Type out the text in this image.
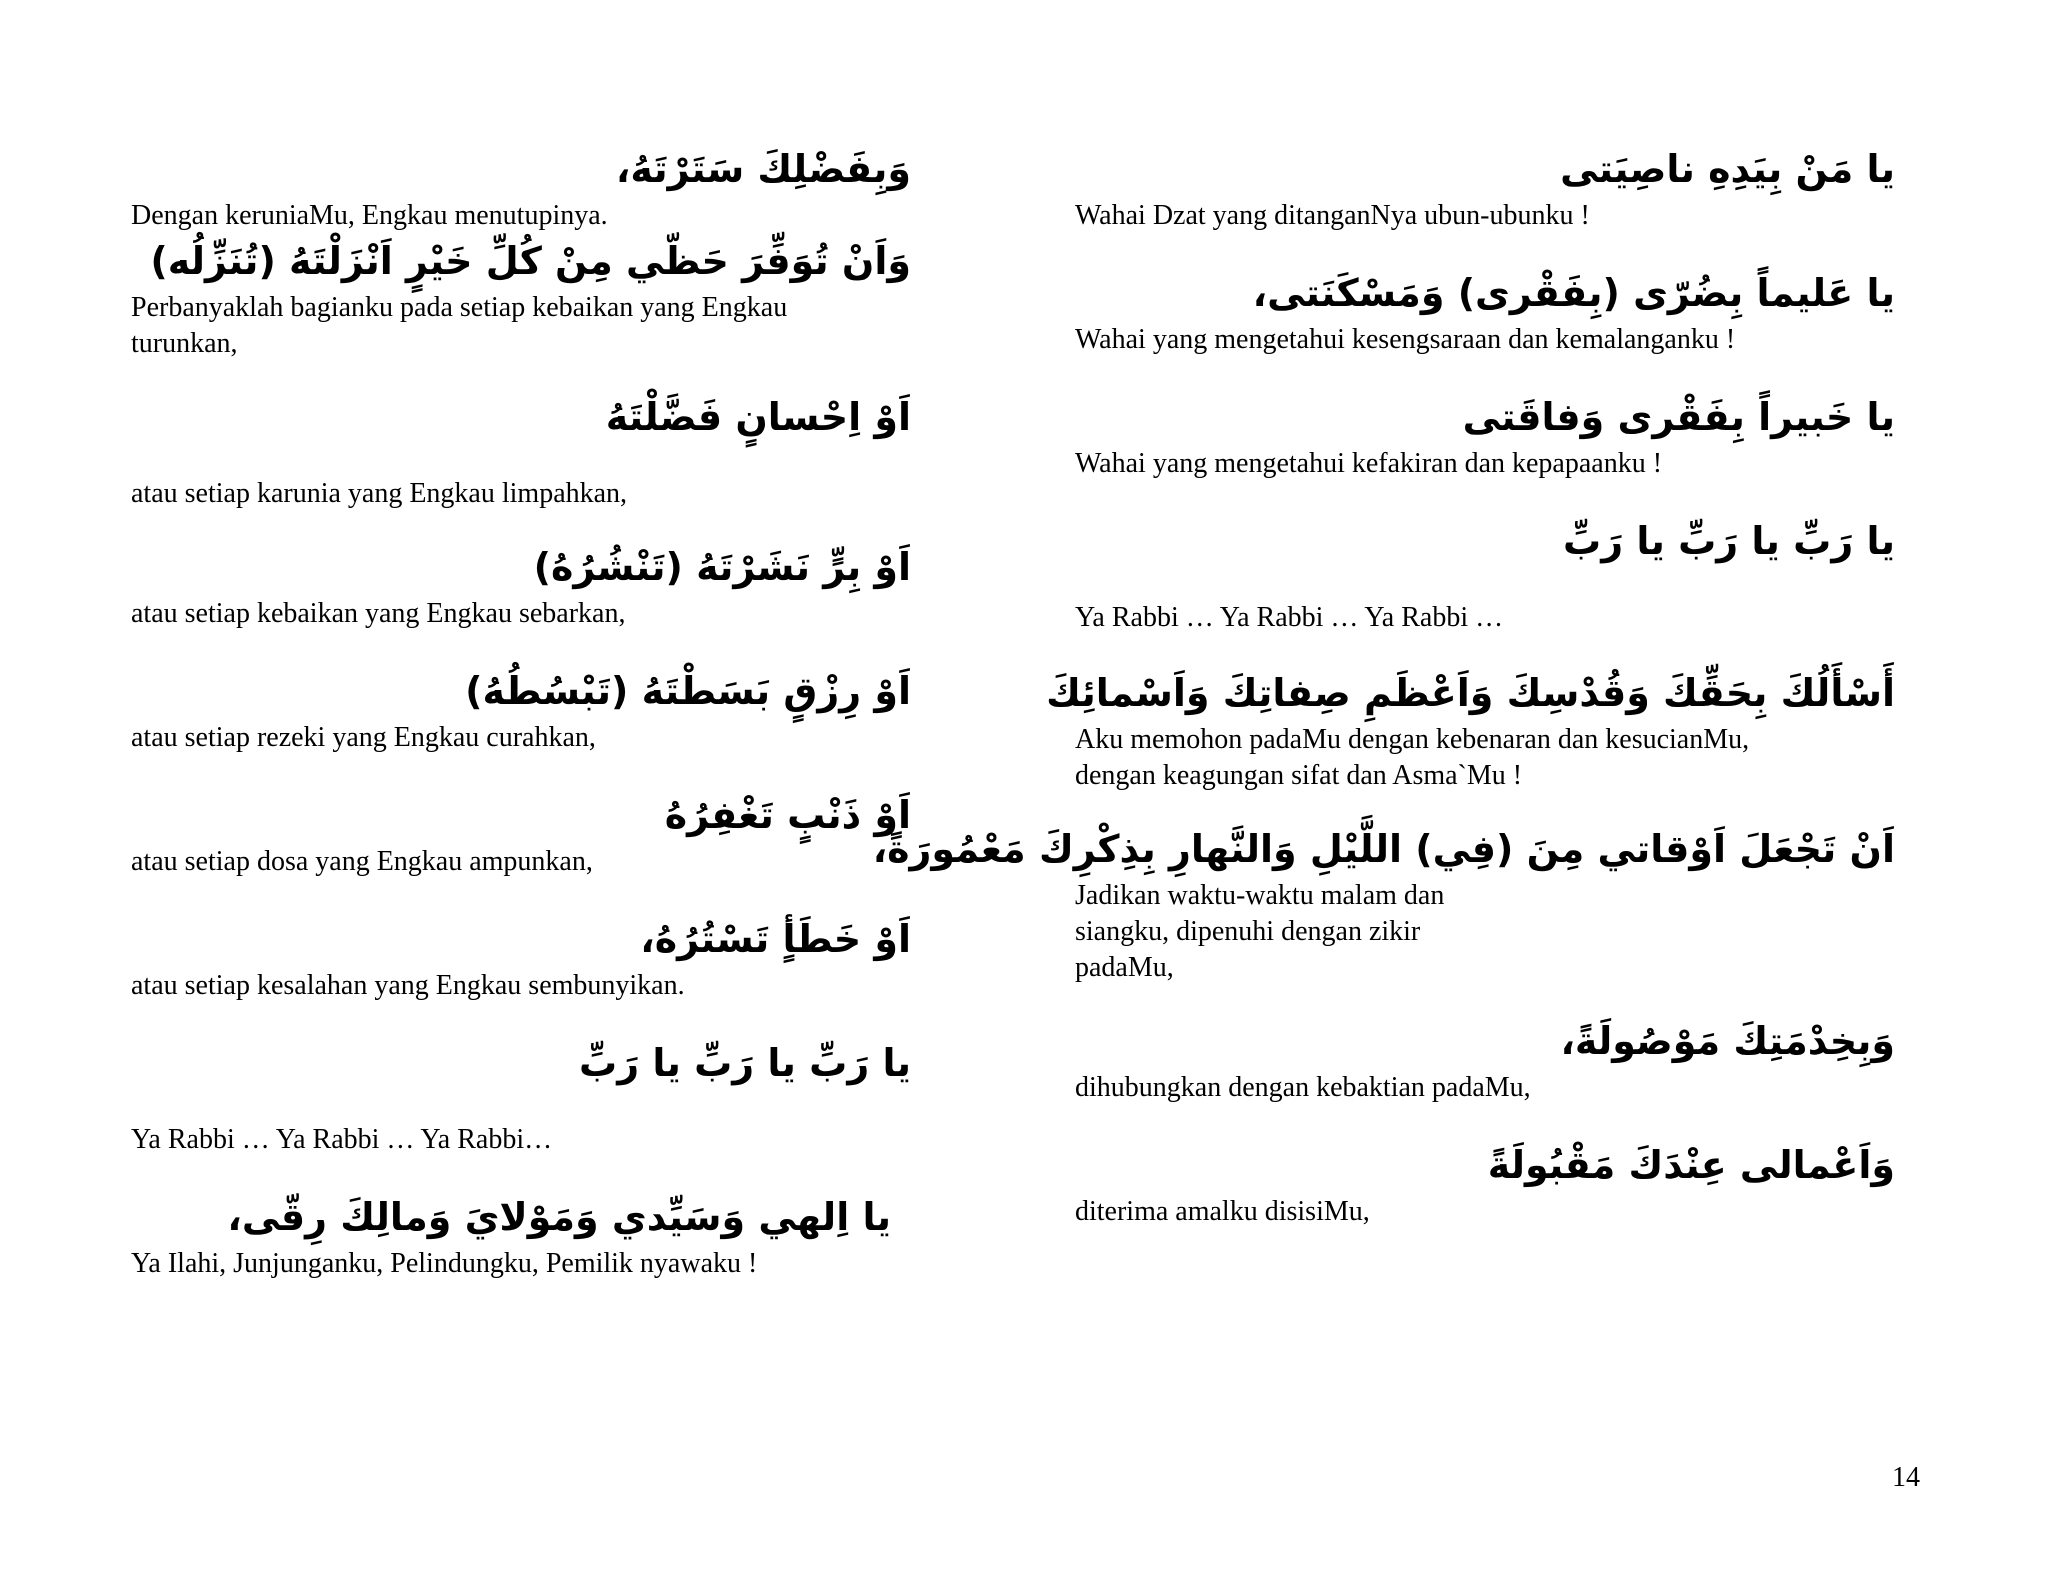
وَبِفَضْلِكَ سَتَرْتَهُ،
Dengan keruniaMu, Engkau menutupinya.
وَاَنْ تُوَفِّرَ حَظّي مِنْ كُلِّ خَيْرٍ اَنْزَلْتَهُ (تُنَزِّلُه)
Perbanyaklah bagianku pada setiap kebaikan yang Engkau turunkan,
اَوْ اِحْسانٍ فَضَّلْتَهُ
atau setiap karunia yang Engkau limpahkan,
اَوْ بِرٍّ نَشَرْتَهُ (تَنْشُرُهُ)
atau setiap kebaikan yang Engkau sebarkan,
اَوْ رِزْقٍ بَسَطْتَهُ (تَبْسُطُهُ)
atau setiap rezeki yang Engkau curahkan,
اَوْ ذَنْبٍ تَغْفِرُهُ
atau setiap dosa yang Engkau ampunkan,
اَوْ خَطَأٍ تَسْتُرُهُ،
atau setiap kesalahan yang Engkau sembunyikan.
يا رَبِّ يا رَبِّ يا رَبِّ
Ya Rabbi … Ya Rabbi … Ya Rabbi…
يا اِلهي وَسَيِّدي وَمَوْلايَ وَمالِكَ رِقّى،
Ya Ilahi, Junjunganku, Pelindungku, Pemilik nyawaku !
يا مَنْ بِيَدِهِ ناصِيَتى
Wahai Dzat yang ditanganNya ubun-ubunku !
يا عَليماً بِضُرّى (بِفَقْرى) وَمَسْكَنَتى،
Wahai yang mengetahui kesengsaraan dan kemalanganku !
يا خَبيراً بِفَقْرى وَفاقَتى
Wahai yang mengetahui kefakiran dan kepapaanku !
يا رَبِّ يا رَبِّ يا رَبِّ
Ya Rabbi … Ya Rabbi … Ya Rabbi …
أَسْأَلُكَ بِحَقِّكَ وَقُدْسِكَ وَاَعْظَمِ صِفاتِكَ وَاَسْمائِكَ
Aku memohon padaMu dengan kebenaran dan kesucianMu, dengan keagungan sifat dan Asma`Mu !
اَنْ تَجْعَلَ اَوْقاتي مِنَ (فِي) اللَّيْلِ وَالنَّهارِ بِذِكْرِكَ مَعْمُورَةً،
Jadikan waktu-waktu malam dan siangku, dipenuhi dengan zikir padaMu,
وَبِخِدْمَتِكَ مَوْصُولَةً،
dihubungkan dengan kebaktian padaMu,
وَاَعْمالى عِنْدَكَ مَقْبُولَةً
diterima amalku disisiMu,
14
